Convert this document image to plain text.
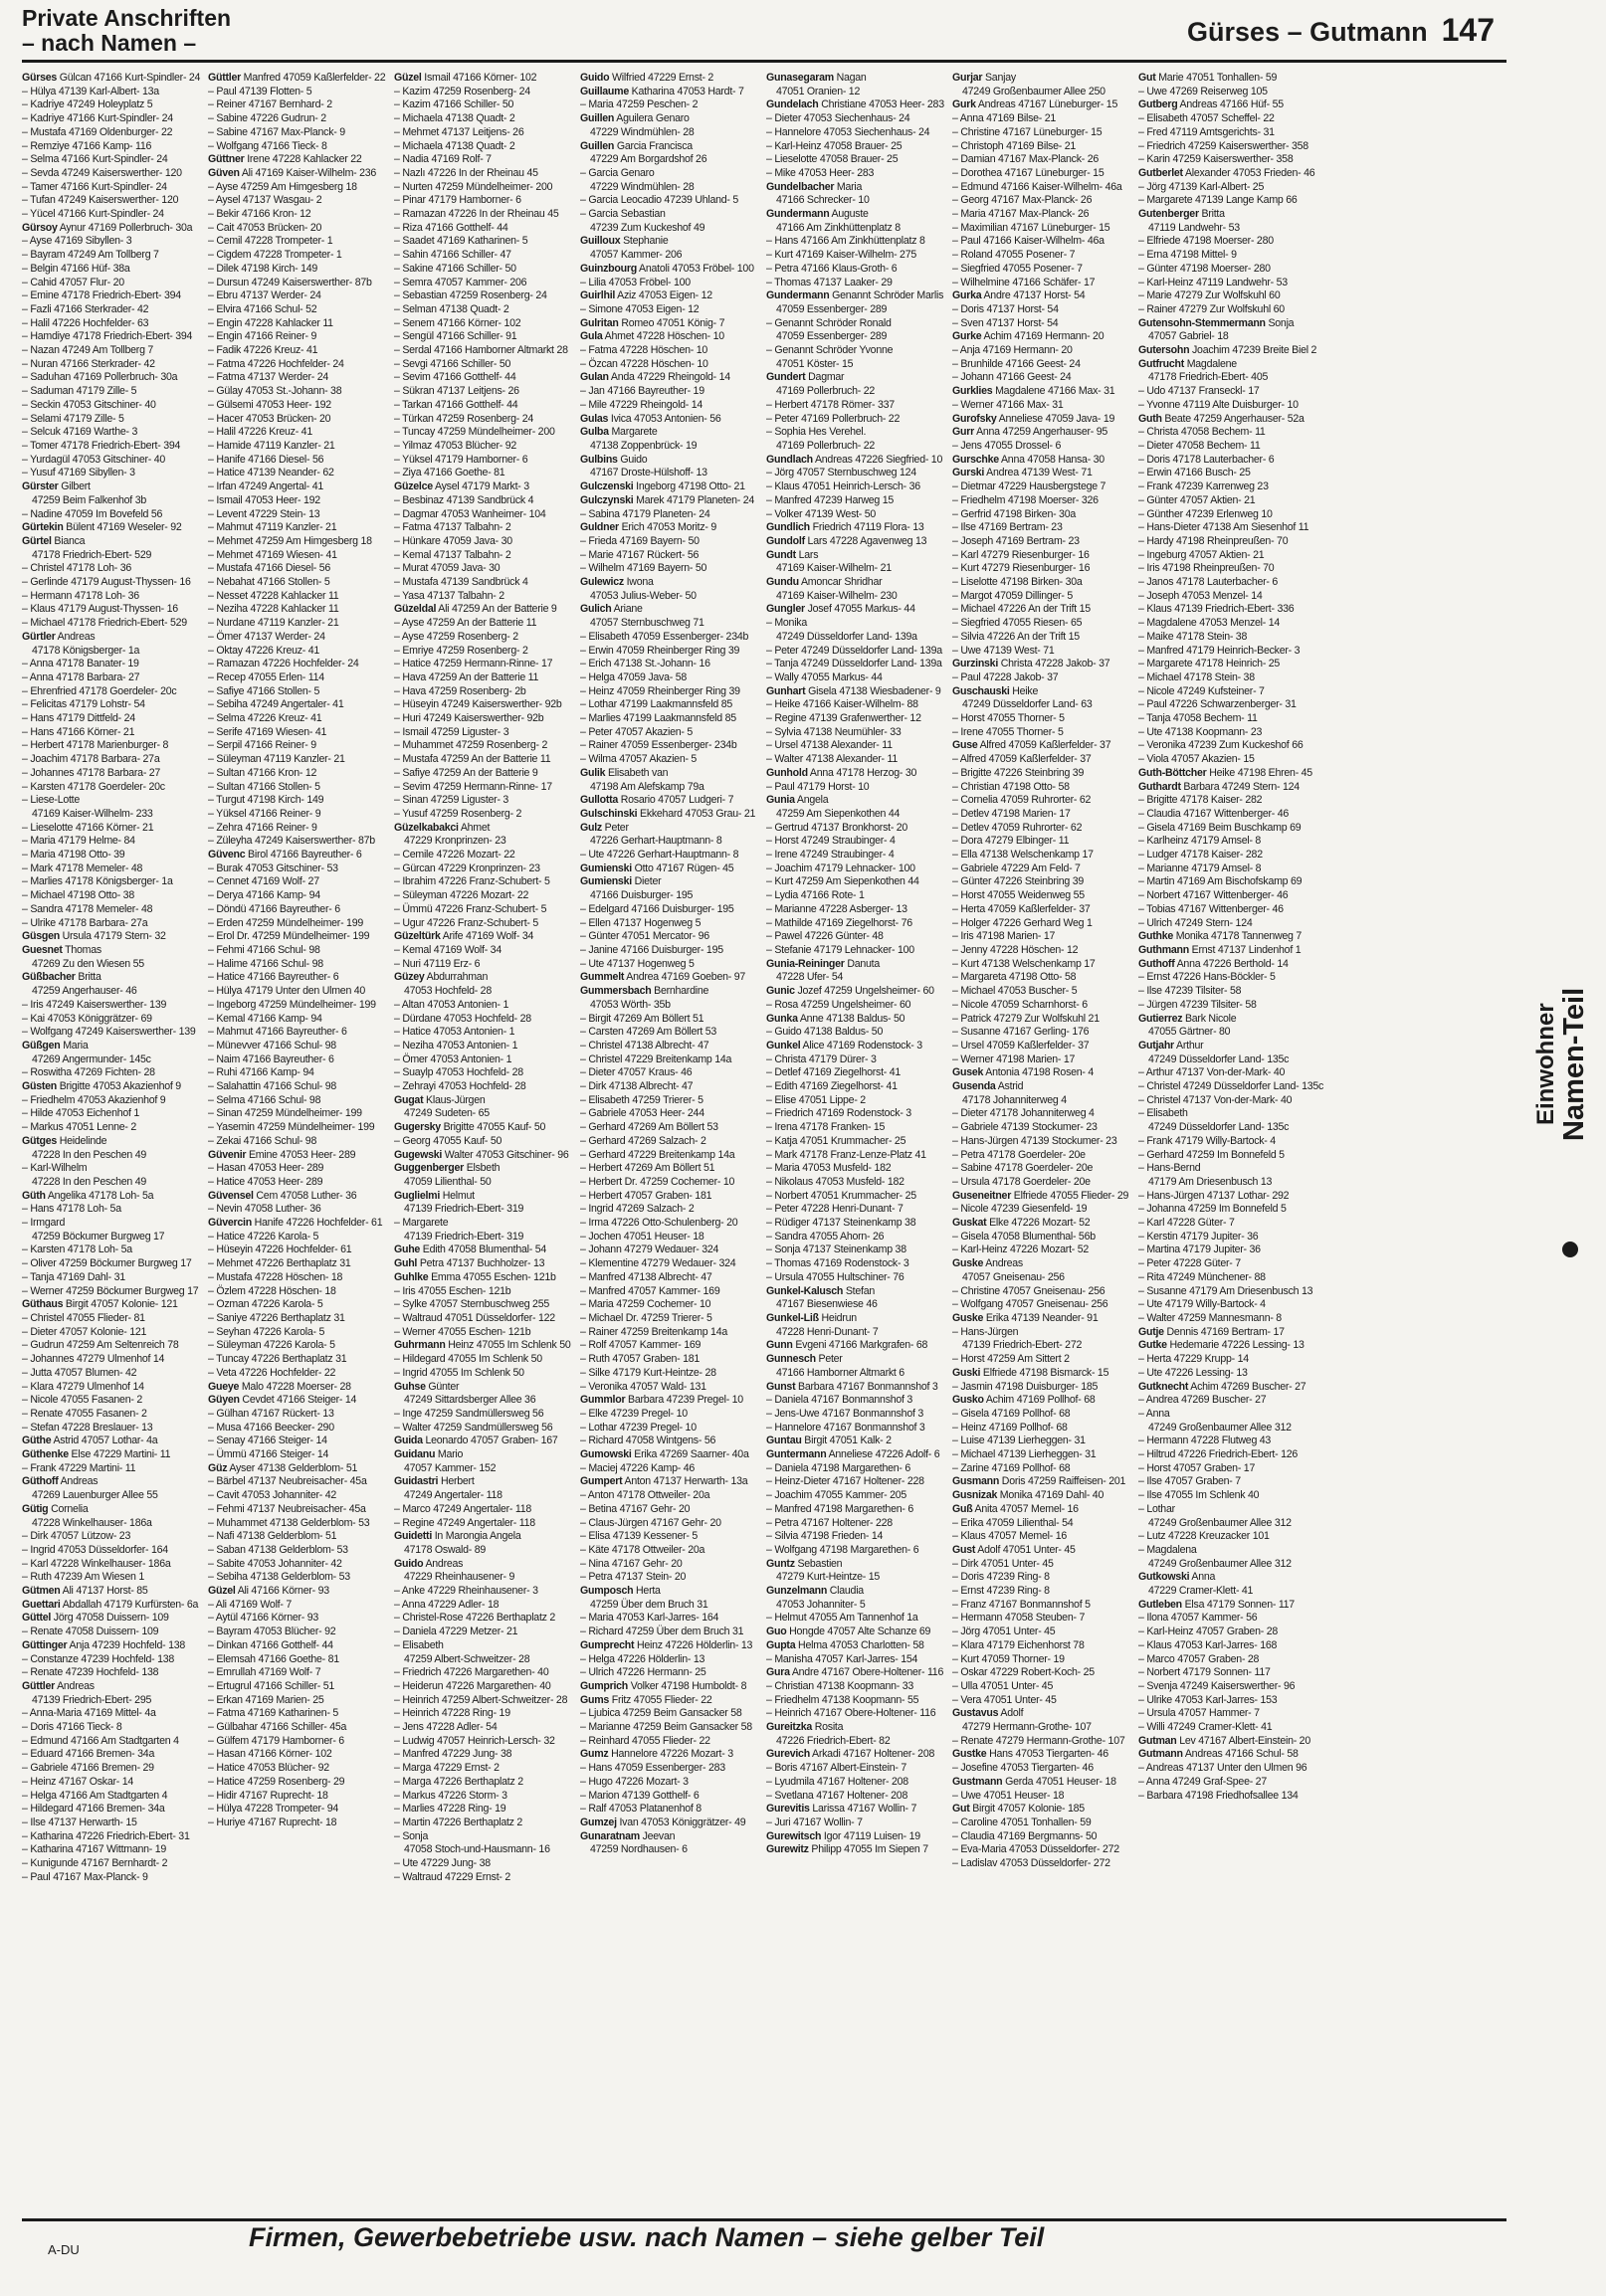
Private Anschriften
– nach Namen –	Gürses – Gutmann 147
Gürses Gülcan 47166 Kurt-Spindler- 24
– Hülya 47139 Karl-Albert- 13a
– Kadriye 47249 Holeyplatz 5
– Kadriye 47166 Kurt-Spindler- 24
– Mustafa 47169 Oldenburger- 22
– Remziye 47166 Kamp- 116
– Selma 47166 Kurt-Spindler- 24
– Sevda 47249 Kaiserswerther- 120
– Tamer 47166 Kurt-Spindler- 24
– Tufan 47249 Kaiserswerther- 120
– Yücel 47166 Kurt-Spindler- 24
Gürsoy Aynur 47169 Pollerbruch- 30a
– Ayse 47169 Sibyllen- 3
– Bayram 47249 Am Tollberg 7
– Belgin 47166 Hüf- 38a
– Cahid 47057 Flur- 20
– Emine 47178 Friedrich-Ebert- 394
– Fazli 47166 Sterkrader- 42
– Halil 47226 Hochfelder- 63
– Hamdiye 47178 Friedrich-Ebert- 394
– Nazan 47249 Am Tollberg 7
– Nuran 47166 Sterkrader- 42
– Saduhan 47169 Pollerbruch- 30a
– Saduman 47179 Zille- 5
– Seckin 47053 Gitschiner- 40
– Selami 47179 Zille- 5
– Selcuk 47169 Warthe- 3
– Tomer 47178 Friedrich-Ebert- 394
– Yurdagül 47053 Gitschiner- 40
– Yusuf 47169 Sibyllen- 3
Gürster Gilbert
47259 Beim Falkenhof 3b
– Nadine 47059 Im Bovefeld 56
Gürtekin Bülent 47169 Weseler- 92
Gürtel Bianca
47178 Friedrich-Ebert- 529
– Christel 47178 Loh- 36
– Gerlinde 47179 August-Thyssen- 16
– Hermann 47178 Loh- 36
– Klaus 47179 August-Thyssen- 16
– Michael 47178 Friedrich-Ebert- 529
Gürtler Andreas
47178 Königsberger- 1a
– Anna 47178 Banater- 19
– Anna 47178 Barbara- 27
– Ehrenfried 47178 Goerdeler- 20c
– Felicitas 47179 Lohstr- 54
– Hans 47179 Dittfeld- 24
– Hans 47166 Körner- 21
– Herbert 47178 Marienburger- 8
– Joachim 47178 Barbara- 27a
– Johannes 47178 Barbara- 27
– Karsten 47178 Goerdeler- 20c
– Liese-Lotte
47169 Kaiser-Wilhelm- 233
– Lieselotte 47166 Körner- 21
– Maria 47179 Helme- 84
– Maria 47198 Otto- 39
– Mark 47178 Memeler- 48
– Marlies 47178 Königsberger- 1a
– Michael 47198 Otto- 38
– Sandra 47178 Memeler- 48
– Ulrike 47178 Barbara- 27a
Güsgen Ursula 47179 Stern- 32
Guesnet Thomas
47269 Zu den Wiesen 55
Güßbacher Britta
47259 Angerhauser- 46
– Iris 47249 Kaiserswerther- 139
– Kai 47053 Königgrätzer- 69
– Wolfgang 47249 Kaiserswerther- 139
Güßgen Maria
47269 Angermunder- 145c
– Roswitha 47269 Fichten- 28
Güsten Brigitte 47053 Akazienhof 9
– Friedhelm 47053 Akazienhof 9
– Hilde 47053 Eichenhof 1
– Markus 47051 Lenne- 2
Gütges Heidelinde
47228 In den Peschen 49
– Karl-Wilhelm
47228 In den Peschen 49
Güth Angelika 47178 Loh- 5a
– Hans 47178 Loh- 5a
– Irmgard
47259 Böckumer Burgweg 17
– Karsten 47178 Loh- 5a
– Oliver 47259 Böckumer Burgweg 17
– Tanja 47169 Dahl- 31
– Werner 47259 Böckumer Burgweg 17
Güthaus Birgit 47057 Kolonie- 121
– Christel 47055 Flieder- 81
– Dieter 47057 Kolonie- 121
– Gudrun 47259 Am Seltenreich 78
– Johannes 47279 Ulmenhof 14
– Jutta 47057 Blumen- 42
– Klara 47279 Ulmenhof 14
– Nicole 47055 Fasanen- 2
– Renate 47055 Fasanen- 2
– Stefan 47228 Breslauer- 13
Güthe Astrid 47057 Lothar- 4a
Güthenke Else 47229 Martini- 11
– Frank 47229 Martini- 11
Güthoff Andreas
47269 Lauenburger Allee 55
Gütig Cornelia
47228 Winkelhauser- 186a
– Dirk 47057 Lützow- 23
– Ingrid 47053 Düsseldorfer- 164
– Karl 47228 Winkelhauser- 186a
– Ruth 47239 Am Wiesen 1
Gütmen Ali 47137 Horst- 85
Guettari Abdallah 47179 Kurfürsten- 6a
Güttel Jörg 47058 Duissern- 109
– Renate 47058 Duissern- 109
Güttinger Anja 47239 Hochfeld- 138
– Constanze 47239 Hochfeld- 138
– Renate 47239 Hochfeld- 138
Güttler Andreas
47139 Friedrich-Ebert- 295
– Anna-Maria 47169 Mittel- 4a
– Doris 47166 Tieck- 8
– Edmund 47166 Am Stadtgarten 4
– Eduard 47166 Bremen- 34a
– Gabriele 47166 Bremen- 29
– Heinz 47167 Oskar- 14
– Helga 47166 Am Stadtgarten 4
– Hildegard 47166 Bremen- 34a
– Ilse 47137 Herwarth- 15
– Katharina 47226 Friedrich-Ebert- 31
– Katharina 47167 Wittmann- 19
– Kunigunde 47167 Bernhardt- 2
– Paul 47167 Max-Planck- 9
Güttler Manfred 47059 Kaßlerfelder- 22
– Paul 47139 Flotten- 5
– Reiner 47167 Bernhard- 2
– Sabine 47226 Gudrun- 2
– Sabine 47167 Max-Planck- 9
– Wolfgang 47166 Tieck- 8
Güttner Irene 47228 Kahlacker 22
Güven Ali 47169 Kaiser-Wilhelm- 236
– Ayse 47259 Am Himgesberg 18
– Aysel 47137 Wasgau- 2
– Bekir 47166 Kron- 12
– Cait 47053 Brücken- 20
– Cemil 47228 Trompeter- 1
– Cigdem 47228 Trompeter- 1
– Dilek 47198 Kirch- 149
– Dursun 47249 Kaiserswerther- 87b
– Ebru 47137 Werder- 24
– Elvira 47166 Schul- 52
– Engin 47228 Kahlacker 11
– Engin 47166 Reiner- 9
– Fadik 47226 Kreuz- 41
– Fatma 47226 Hochfelder- 24
– Fatma 47137 Werder- 24
– Gülay 47053 St.-Johann- 38
– Gülsemi 47053 Heer- 192
– Hacer 47053 Brücken- 20
– Halil 47226 Kreuz- 41
– Hamide 47119 Kanzler- 21
– Hanife 47166 Diesel- 56
– Hatice 47139 Neander- 62
– Irfan 47249 Angertal- 41
– Ismail 47053 Heer- 192
– Levent 47229 Stein- 13
– Mahmut 47119 Kanzler- 21
– Mehmet 47259 Am Himgesberg 18
– Mehmet 47169 Wiesen- 41
– Mustafa 47166 Diesel- 56
– Nebahat 47166 Stollen- 5
– Nesset 47228 Kahlacker 11
– Neziha 47228 Kahlacker 11
– Nurdane 47119 Kanzler- 21
– Ömer 47137 Werder- 24
– Oktay 47226 Kreuz- 41
– Ramazan 47226 Hochfelder- 24
– Recep 47055 Erlen- 114
– Safiye 47166 Stollen- 5
– Sebiha 47249 Angertaler- 41
– Selma 47226 Kreuz- 41
– Serife 47169 Wiesen- 41
– Serpil 47166 Reiner- 9
– Süleyman 47119 Kanzler- 21
– Sultan 47166 Kron- 12
– Sultan 47166 Stollen- 5
– Turgut 47198 Kirch- 149
– Yüksel 47166 Reiner- 9
– Zehra 47166 Reiner- 9
– Züleyha 47249 Kaiserswerther- 87b
Güvenc Birol 47166 Bayreuther- 6
– Burak 47053 Gitschiner- 53
– Cennet 47169 Wolf- 27
– Derya 47166 Kamp- 94
– Döndü 47166 Bayreuther- 6
– Erden 47259 Mündelheimer- 199
– Erol Dr. 47259 Mündelheimer- 199
– Fehmi 47166 Schul- 98
– Halime 47166 Schul- 98
– Hatice 47166 Bayreuther- 6
– Hülya 47179 Unter den Ulmen 40
– Ingeborg 47259 Mündelheimer- 199
– Kemal 47166 Kamp- 94
– Mahmut 47166 Bayreuther- 6
– Münevver 47166 Schul- 98
– Naim 47166 Bayreuther- 6
– Ruhi 47166 Kamp- 94
– Salahattin 47166 Schul- 98
– Selma 47166 Schul- 98
– Sinan 47259 Mündelheimer- 199
– Yasemin 47259 Mündelheimer- 199
– Zekai 47166 Schul- 98
Güvenir Emine 47053 Heer- 289
– Hasan 47053 Heer- 289
– Hatice 47053 Heer- 289
Güvensel Cem 47058 Luther- 36
– Nevin 47058 Luther- 36
Güvercin Hanife 47226 Hochfelder- 61
– Hatice 47226 Karola- 5
– Hüseyin 47226 Hochfelder- 61
– Mehmet 47226 Berthaplatz 31
– Mustafa 47228 Höschen- 18
– Özlem 47228 Höschen- 18
– Ozman 47226 Karola- 5
– Saniye 47226 Berthaplatz 31
– Seyhan 47226 Karola- 5
– Süleyman 47226 Karola- 5
– Tuncay 47226 Berthaplatz 31
– Veta 47226 Hochfelder- 22
Gueye Malo 47228 Moerser- 28
Güyen Cevdet 47166 Steiger- 14
– Gülhan 47167 Rückert- 13
– Musa 47166 Beecker- 290
– Senay 47166 Steiger- 14
– Ümmü 47166 Steiger- 14
Güz Ayser 47138 Gelderblom- 51
– Bärbel 47137 Neubreisacher- 45a
– Cavit 47053 Johanniter- 42
– Fehmi 47137 Neubreisacher- 45a
– Muhammet 47138 Gelderblom- 53
– Nafi 47138 Gelderblom- 51
– Saban 47138 Gelderblom- 53
– Sabite 47053 Johanniter- 42
– Sebiha 47138 Gelderblom- 53
Güzel Ali 47166 Körner- 93
– Ali 47169 Wolf- 7
– Aytül 47166 Körner- 93
– Bayram 47053 Blücher- 92
– Dinkan 47166 Gotthelf- 44
– Elemsah 47166 Goethe- 81
– Emrullah 47169 Wolf- 7
– Ertugrul 47166 Schiller- 51
– Erkan 47169 Marien- 25
– Fatma 47169 Katharinen- 5
– Gülbahar 47166 Schiller- 45a
– Gülfem 47179 Hamborner- 6
– Hasan 47166 Körner- 102
– Hatice 47053 Blücher- 92
– Hatice 47259 Rosenberg- 29
– Hidir 47167 Ruprecht- 18
– Hülya 47228 Trompeter- 94
– Huriye 47167 Ruprecht- 18
Güzel Ismail 47166 Körner- 102
– Kazim 47259 Rosenberg- 24
– Kazim 47166 Schiller- 50
– Michaela 47138 Quadt- 2
– Mehmet 47137 Leitjens- 26
– Michaela 47138 Quadt- 2
– Nadia 47169 Rolf- 7
– Nazlı 47226 In der Rheinau 45
– Nurten 47259 Mündelheimer- 200
– Pinar 47179 Hamborner- 6
– Ramazan 47226 In der Rheinau 45
– Riza 47166 Gotthelf- 44
– Saadet 47169 Katharinen- 5
– Sahin 47166 Schiller- 47
– Sakine 47166 Schiller- 50
– Semra 47057 Kammer- 206
– Sebastian 47259 Rosenberg- 24
– Selman 47138 Quadt- 2
– Senem 47166 Körner- 102
– Sengül 47166 Schiller- 91
– Serdal 47166 Hamborner Altmarkt 28
– Sevgi 47166 Schiller- 50
– Sevim 47166 Gotthelf- 44
– Sükran 47137 Leitjens- 26
– Tarkan 47166 Gotthelf- 44
– Türkan 47259 Rosenberg- 24
– Tuncay 47259 Mündelheimer- 200
– Yilmaz 47053 Blücher- 92
– Yüksel 47179 Hamborner- 6
– Ziya 47166 Goethe- 81
Güzelce Aysel 47179 Markt- 3
– Besbinaz 47139 Sandbrück 4
– Dagmar 47053 Wanheimer- 104
– Fatma 47137 Talbahn- 2
– Hünkare 47059 Java- 30
– Kemal 47137 Talbahn- 2
– Murat 47059 Java- 30
– Mustafa 47139 Sandbrück 4
– Yasa 47137 Talbahn- 2
Güzeldal Ali 47259 An der Batterie 9
– Ayse 47259 An der Batterie 11
– Ayse 47259 Rosenberg- 2
– Emriye 47259 Rosenberg- 2
– Hatice 47259 Hermann-Rinne- 17
– Hava 47259 An der Batterie 11
– Hava 47259 Rosenberg- 2b
– Hüseyin 47249 Kaiserswerther- 92b
– Huri 47249 Kaiserswerther- 92b
– Ismail 47259 Liguster- 3
– Muhammet 47259 Rosenberg- 2
– Mustafa 47259 An der Batterie 11
– Safiye 47259 An der Batterie 9
– Sevim 47259 Hermann-Rinne- 17
– Sinan 47259 Liguster- 3
– Yusuf 47259 Rosenberg- 2
Güzelkabakci Ahmet
47229 Kronprinzen- 23
– Cemile 47226 Mozart- 22
– Gürcan 47229 Kronprinzen- 23
– Ibrahim 47226 Franz-Schubert- 5
– Süleyman 47226 Mozart- 22
– Ümmü 47226 Franz-Schubert- 5
– Ugur 47226 Franz-Schubert- 5
Güzeltürk Arife 47169 Wolf- 34
– Kemal 47169 Wolf- 34
– Nuri 47119 Erz- 6
Güzey Abdurrahman
47053 Hochfeld- 28
– Altan 47053 Antonien- 1
– Dürdane 47053 Hochfeld- 28
– Hatice 47053 Antonien- 1
– Neziha 47053 Antonien- 1
– Ömer 47053 Antonien- 1
– Suaylp 47053 Hochfeld- 28
– Zehrayi 47053 Hochfeld- 28
Gugat Klaus-Jürgen
47249 Sudeten- 65
Gugersky Brigitte 47055 Kauf- 50
– Georg 47055 Kauf- 50
Gugewski Walter 47053 Gitschiner- 96
Guggenberger Elsbeth
47059 Lilienthal- 50
Guglielmi Helmut
47139 Friedrich-Ebert- 319
– Margarete
47139 Friedrich-Ebert- 319
Guhe Edith 47058 Blumenthal- 54
Guhl Petra 47137 Buchholzer- 13
Guhlke Emma 47055 Eschen- 121b
– Iris 47055 Eschen- 121b
– Sylke 47057 Sternbuschweg 255
– Waltraud 47051 Düsseldorfer- 122
– Werner 47055 Eschen- 121b
Guhrmann Heinz 47055 Im Schlenk 50
– Hildegard 47055 Im Schlenk 50
– Ingrid 47055 Im Schlenk 50
Guhse Günter
47249 Sittardsberger Allee 36
– Inge 47259 Sandmüllersweg 56
– Walter 47259 Sandmüllersweg 56
Guida Leonardo 47057 Graben- 167
Guidanu Mario
47057 Kammer- 152
Guidastri Herbert
47249 Angertaler- 118
– Marco 47249 Angertaler- 118
– Regine 47249 Angertaler- 118
Guidetti In Marongia Angela
47178 Oswald- 89
Guido Andreas
47229 Rheinhausener- 9
– Anke 47229 Rheinhausener- 3
– Anna 47229 Adler- 18
– Christel-Rose 47226 Berthaplatz 2
– Daniela 47229 Metzer- 21
– Elisabeth
47259 Albert-Schweitzer- 28
– Friedrich 47226 Margarethen- 40
– Heiderun 47226 Margarethen- 40
– Heinrich 47259 Albert-Schweitzer- 28
– Heinrich 47228 Ring- 19
– Jens 47228 Adler- 54
– Ludwig 47057 Heinrich-Lersch- 32
– Manfred 47229 Jung- 38
– Marga 47229 Ernst- 2
– Marga 47226 Berthaplatz 2
– Markus 47226 Storm- 3
– Marlies 47228 Ring- 19
– Martin 47226 Berthaplatz 2
– Sonja
47058 Stoch-und-Hausmann- 16
– Ute 47229 Jung- 38
– Waltraud 47229 Ernst- 2
Guido Wilfried 47229 Ernst- 2
Guillaume Katharina 47053 Hardt- 7
– Maria 47259 Peschen- 2
Guillen Aguilera Genaro
47229 Windmühlen- 28
Guillen Garcia Francisca
47229 Am Borgardshof 26
– Garcia Genaro
47229 Windmühlen- 28
– Garcia Leocadio 47239 Uhland- 5
– Garcia Sebastian
47239 Zum Kuckeshof 49
Guilloux Stephanie
47057 Kammer- 206
Guinzbourg Anatoli 47053 Fröbel- 100
– Lilia 47053 Fröbel- 100
Guirlhil Aziz 47053 Eigen- 12
– Simone 47053 Eigen- 12
Gulritan Romeo 47051 König- 7
Gula Ahmet 47228 Höschen- 10
– Fatma 47228 Höschen- 10
– Özcan 47228 Höschen- 10
Gulan Anda 47229 Rheingold- 14
– Jan 47166 Bayreuther- 19
– Mile 47229 Rheingold- 14
Gulas Ivica 47053 Antonien- 56
Gulba Margarete
47138 Zoppenbrück- 19
Gulbins Guido
47167 Droste-Hülshoff- 13
Gulczenski Ingeborg 47198 Otto- 21
Gulczynski Marek 47179 Planeten- 24
– Sabina 47179 Planeten- 24
Guldner Erich 47053 Moritz- 9
– Frieda 47169 Bayern- 50
– Marie 47167 Rückert- 56
– Wilhelm 47169 Bayern- 50
Gulewicz Iwona
47053 Julius-Weber- 50
Gulich Ariane
47057 Sternbuschweg 71
– Elisabeth 47059 Essenberger- 234b
– Erwin 47059 Rheinberger Ring 39
– Erich 47138 St.-Johann- 16
– Helga 47059 Java- 58
– Heinz 47059 Rheinberger Ring 39
– Lothar 47199 Laakmannsfeld 85
– Marlies 47199 Laakmannsfeld 85
– Peter 47057 Akazien- 5
– Rainer 47059 Essenberger- 234b
– Wilma 47057 Akazien- 5
Gulik Elisabeth van
47198 Am Alefskamp 79a
Gullotta Rosario 47057 Ludgeri- 7
Gulschinski Ekkehard 47053 Grau- 21
Gulz Peter
47226 Gerhart-Hauptmann- 8
– Ute 47226 Gerhart-Hauptmann- 8
Gumienski Otto 47167 Rügen- 45
Gumienski Dieter
47166 Duisburger- 195
– Edelgard 47166 Duisburger- 195
– Ellen 47137 Hogenweg 5
– Günter 47051 Mercator- 96
– Janine 47166 Duisburger- 195
– Ute 47137 Hogenweg 5
Gummelt Andrea 47169 Goeben- 97
Gummersbach Bernhardine
47053 Wörth- 35b
– Birgit 47269 Am Böllert 51
– Carsten 47269 Am Böllert 53
– Christel 47138 Albrecht- 47
– Christel 47229 Breitenkamp 14a
– Dieter 47057 Kraus- 46
– Dirk 47138 Albrecht- 47
– Elisabeth 47259 Trierer- 5
– Gabriele 47053 Heer- 244
– Gerhard 47269 Am Böllert 53
– Gerhard 47269 Salzach- 2
– Gerhard 47229 Breitenkamp 14a
– Herbert 47269 Am Böllert 51
– Herbert Dr. 47259 Cochemer- 10
– Herbert 47057 Graben- 181
– Ingrid 47269 Salzach- 2
– Irma 47226 Otto-Schulenberg- 20
– Jochen 47051 Heuser- 18
– Johann 47279 Wedauer- 324
– Klementine 47279 Wedauer- 324
– Manfred 47138 Albrecht- 47
– Manfred 47057 Kammer- 169
– Maria 47259 Cochemer- 10
– Michael Dr. 47259 Trierer- 5
– Rainer 47259 Breitenkamp 14a
– Rolf 47057 Kammer- 169
– Ruth 47057 Graben- 181
– Silke 47179 Kurt-Heintze- 28
– Veronika 47057 Wald- 131
Gummlor Barbara 47239 Pregel- 10
– Elke 47239 Pregel- 10
– Lothar 47239 Pregel- 10
– Richard 47058 Wintgens- 56
Gumowski Erika 47269 Saarner- 40a
– Maciej 47226 Kamp- 46
Gumpert Anton 47137 Herwarth- 13a
– Anton 47178 Ottweiler- 20a
– Betina 47167 Gehr- 20
– Claus-Jürgen 47167 Gehr- 20
– Elisa 47139 Kessener- 5
– Käte 47178 Ottweiler- 20a
– Nina 47167 Gehr- 20
– Petra 47137 Stein- 20
Gumposch Herta
47259 Über dem Bruch 31
– Maria 47053 Karl-Jarres- 164
– Richard 47259 Über dem Bruch 31
Gumprecht Heinz 47226 Hölderlin- 13
– Helga 47226 Hölderlin- 13
– Ulrich 47226 Hermann- 25
Gumprich Volker 47198 Humboldt- 8
Gums Fritz 47055 Flieder- 22
– Ljubica 47259 Beim Gansacker 58
– Marianne 47259 Beim Gansacker 58
– Reinhard 47055 Flieder- 22
Gumz Hannelore 47226 Mozart- 3
– Hans 47059 Essenberger- 283
– Hugo 47226 Mozart- 3
– Marion 47139 Gotthelf- 6
– Ralf 47053 Platanenhof 8
Gumzej Ivan 47053 Königgrätzer- 49
Gunaratnam Jeevan
47259 Nordhausen- 6
Gunasegaram Nagan
47051 Oranien- 12
Gundelach Christiane 47053 Heer- 283
– Dieter 47053 Siechenhaus- 24
– Hannelore 47053 Siechenhaus- 24
– Karl-Heinz 47058 Brauer- 25
– Lieselotte 47058 Brauer- 25
– Mike 47053 Heer- 283
Gundelbacher Maria
47166 Schrecker- 10
Gundermann Auguste
47166 Am Zinkhüttenplatz 8
– Hans 47166 Am Zinkhüttenplatz 8
– Kurt 47169 Kaiser-Wilhelm- 275
– Petra 47166 Klaus-Groth- 6
– Thomas 47137 Laaker- 29
Gundermann Genannt Schröder Marlis
47059 Essenberger- 289
– Genannt Schröder Ronald
47059 Essenberger- 289
– Genannt Schröder Yvonne
47051 Köster- 15
Gundert Dagmar
47169 Pollerbruch- 22
– Herbert 47178 Römer- 337
– Peter 47169 Pollerbruch- 22
– Sophia Hes Verehel.
47169 Pollerbruch- 22
Gundlach Andreas 47226 Siegfried- 10
– Jörg 47057 Sternbuschweg 124
– Klaus 47051 Heinrich-Lersch- 36
– Manfred 47239 Harweg 15
– Volker 47139 West- 50
Gundlich Friedrich 47119 Flora- 13
Gundolf Lars 47228 Agavenweg 13
Gundt Lars
47169 Kaiser-Wilhelm- 21
Gundu Amoncar Shridhar
47169 Kaiser-Wilhelm- 230
Gungler Josef 47055 Markus- 44
– Monika
47249 Düsseldorfer Land- 139a
– Peter 47249 Düsseldorfer Land- 139a
– Tanja 47249 Düsseldorfer Land- 139a
– Wally 47055 Markus- 44
Gunhart Gisela 47138 Wiesbadener- 9
– Heike 47166 Kaiser-Wilhelm- 88
– Regine 47139 Grafenwerther- 12
– Sylvia 47138 Neumühler- 33
– Ursel 47138 Alexander- 11
– Walter 47138 Alexander- 11
Gunhold Anna 47178 Herzog- 30
– Paul 47179 Horst- 10
Gunia Angela
47259 Am Siepenkothen 44
– Gertrud 47137 Bronkhorst- 20
– Horst 47249 Straubinger- 4
– Irene 47249 Straubinger- 4
– Joachim 47179 Lehnacker- 100
– Kurt 47259 Am Siepenkothen 44
– Lydia 47166 Rote- 1
– Marianne 47228 Asberger- 13
– Mathilde 47169 Ziegelhorst- 76
– Pawel 47226 Günter- 48
– Stefanie 47179 Lehnacker- 100
Gunia-Reininger Danuta
47228 Ufer- 54
Gunic Jozef 47259 Ungelsheimer- 60
– Rosa 47259 Ungelsheimer- 60
Gunka Anne 47138 Baldus- 50
– Guido 47138 Baldus- 50
Gunkel Alice 47169 Rodenstock- 3
– Christa 47179 Dürer- 3
– Detlef 47169 Ziegelhorst- 41
– Edith 47169 Ziegelhorst- 41
– Elise 47051 Lippe- 2
– Friedrich 47169 Rodenstock- 3
– Irena 47178 Franken- 15
– Katja 47051 Krummacher- 25
– Mark 47178 Franz-Lenze-Platz 41
– Maria 47053 Musfeld- 182
– Nikolaus 47053 Musfeld- 182
– Norbert 47051 Krummacher- 25
– Peter 47228 Henri-Dunant- 7
– Rüdiger 47137 Steinenkamp 38
– Sandra 47055 Ahorn- 26
– Sonja 47137 Steinenkamp 38
– Thomas 47169 Rodenstock- 3
– Ursula 47055 Hultschiner- 76
Gunkel-Kalusch Stefan
47167 Biesenwiese 46
Gunkel-Liß Heidrun
47228 Henri-Dunant- 7
Gunn Evgeni 47166 Markgrafen- 68
Gunnesch Peter
47166 Hamborner Altmarkt 6
Gunst Barbara 47167 Bonmannshof 3
– Daniela 47167 Bonmannshof 3
– Jens-Uwe 47167 Bonmannshof 3
– Hannelore 47167 Bonmannshof 3
Guntau Birgit 47051 Kalk- 2
Guntermann Anneliese 47226 Adolf- 6
– Daniela 47198 Margarethen- 6
– Heinz-Dieter 47167 Holtener- 228
– Joachim 47055 Kammer- 205
– Manfred 47198 Margarethen- 6
– Petra 47167 Holtener- 228
– Silvia 47198 Frieden- 14
– Wolfgang 47198 Margarethen- 6
Guntz Sebastien
47279 Kurt-Heintze- 15
Gunzelmann Claudia
47053 Johanniter- 5
– Helmut 47055 Am Tannenhof 1a
Guo Hongde 47057 Alte Schanze 69
Gupta Helma 47053 Charlotten- 58
– Manisha 47057 Karl-Jarres- 154
Gura Andre 47167 Obere-Holtener- 116
– Christian 47138 Koopmann- 33
– Friedhelm 47138 Koopmann- 55
– Heinrich 47167 Obere-Holtener- 116
Gureitzka Rosita
47226 Friedrich-Ebert- 82
Gurevich Arkadi 47167 Holtener- 208
– Boris 47167 Albert-Einstein- 7
– Lyudmila 47167 Holtener- 208
– Svetlana 47167 Holtener- 208
Gurevitis Larissa 47167 Wollin- 7
– Juri 47167 Wollin- 7
Gurewitsch Igor 47119 Luisen- 19
Gurewitz Philipp 47055 Im Siepen 7
Gurjar Sanjay
47249 Großenbaumer Allee 250
Gurk Andreas 47167 Lüneburger- 15
– Anna 47169 Bilse- 21
– Christine 47167 Lüneburger- 15
– Christoph 47169 Bilse- 21
– Damian 47167 Max-Planck- 26
– Dorothea 47167 Lüneburger- 15
– Edmund 47166 Kaiser-Wilhelm- 46a
– Georg 47167 Max-Planck- 26
– Maria 47167 Max-Planck- 26
– Maximilian 47167 Lüneburger- 15
– Paul 47166 Kaiser-Wilhelm- 46a
– Roland 47055 Posener- 7
– Siegfried 47055 Posener- 7
– Wilhelmine 47166 Schäfer- 17
Gurka Andre 47137 Horst- 54
– Doris 47137 Horst- 54
– Sven 47137 Horst- 54
Gurke Achim 47169 Hermann- 20
– Anja 47169 Hermann- 20
– Brunhilde 47166 Geest- 24
– Johann 47166 Geest- 24
Gurklies Magdalene 47166 Max- 31
– Werner 47166 Max- 31
Gurofsky Anneliese 47059 Java- 19
Gurr Anna 47259 Angerhauser- 95
– Jens 47055 Drossel- 6
Gurschke Anna 47058 Hansa- 30
Gurski Andrea 47139 West- 71
– Dietmar 47229 Hausbergstege 7
– Friedhelm 47198 Moerser- 326
– Gerfrid 47198 Birken- 30a
– Ilse 47169 Bertram- 23
– Joseph 47169 Bertram- 23
– Karl 47279 Riesenburger- 16
– Kurt 47279 Riesenburger- 16
– Liselotte 47198 Birken- 30a
– Margot 47059 Dillinger- 5
– Michael 47226 An der Trift 15
– Siegfried 47055 Riesen- 65
– Silvia 47226 An der Trift 15
– Uwe 47139 West- 71
Gurzinski Christa 47228 Jakob- 37
– Paul 47228 Jakob- 37
Guschauski Heike
47249 Düsseldorfer Land- 63
– Horst 47055 Thorner- 5
– Irene 47055 Thorner- 5
Guse Alfred 47059 Kaßlerfelder- 37
– Alfred 47059 Kaßlerfelder- 37
– Brigitte 47226 Steinbring 39
– Christian 47198 Otto- 58
– Cornelia 47059 Ruhrorter- 62
– Detlev 47198 Marien- 17
– Detlev 47059 Ruhrorter- 62
– Dora 47279 Elbinger- 11
– Ella 47138 Welschenkamp 17
– Gabriele 47229 Am Feld- 7
– Günter 47226 Steinbring 39
– Horst 47055 Weidenweg 55
– Herta 47059 Kaßlerfelder- 37
– Holger 47226 Gerhard Weg 1
– Iris 47198 Marien- 17
– Jenny 47228 Höschen- 12
– Kurt 47138 Welschenkamp 17
– Margareta 47198 Otto- 58
– Michael 47053 Buscher- 5
– Nicole 47059 Scharnhorst- 6
– Patrick 47279 Zur Wolfskuhl 21
– Susanne 47167 Gerling- 176
– Ursel 47059 Kaßlerfelder- 37
– Werner 47198 Marien- 17
Gusek Antonia 47198 Rosen- 4
Gusenda Astrid
47178 Johanniterweg 4
– Dieter 47178 Johanniterweg 4
– Gabriele 47139 Stockumer- 23
– Hans-Jürgen 47139 Stockumer- 23
– Petra 47178 Goerdeler- 20e
– Sabine 47178 Goerdeler- 20e
– Ursula 47178 Goerdeler- 20e
Guseneitner Elfriede 47055 Flieder- 29
– Nicole 47239 Giesenfeld- 19
Guskat Elke 47226 Mozart- 52
– Gisela 47058 Blumenthal- 56b
– Karl-Heinz 47226 Mozart- 52
Guske Andreas
47057 Gneisenau- 256
– Christine 47057 Gneisenau- 256
– Wolfgang 47057 Gneisenau- 256
Guske Erika 47139 Neander- 91
– Hans-Jürgen
47139 Friedrich-Ebert- 272
– Horst 47259 Am Sittert 2
Guski Elfriede 47198 Bismarck- 15
– Jasmin 47198 Duisburger- 185
Gusko Achim 47169 Pollhof- 68
– Gisela 47169 Pollhof- 68
– Heinz 47169 Pollhof- 68
– Luise 47139 Lierheggen- 31
– Michael 47139 Lierheggen- 31
– Zarine 47169 Pollhof- 68
Gusmann Doris 47259 Raiffeisen- 201
Gusnizak Monika 47169 Dahl- 40
Guß Anita 47057 Memel- 16
– Erika 47059 Lilienthal- 54
– Klaus 47057 Memel- 16
Gust Adolf 47051 Unter- 45
– Dirk 47051 Unter- 45
– Doris 47239 Ring- 8
– Ernst 47239 Ring- 8
– Franz 47167 Bonmannshof 5
– Hermann 47058 Steuben- 7
– Jörg 47051 Unter- 45
– Klara 47179 Eichenhorst 78
– Kurt 47059 Thorner- 19
– Oskar 47229 Robert-Koch- 25
– Ulla 47051 Unter- 45
– Vera 47051 Unter- 45
Gustavus Adolf
47279 Hermann-Grothe- 107
– Renate 47279 Hermann-Grothe- 107
Gustke Hans 47053 Tiergarten- 46
– Josefine 47053 Tiergarten- 46
Gustmann Gerda 47051 Heuser- 18
– Uwe 47051 Heuser- 18
Gut Birgit 47057 Kolonie- 185
– Caroline 47051 Tonhallen- 59
– Claudia 47169 Bergmanns- 50
– Eva-Maria 47053 Düsseldorfer- 272
– Ladislav 47053 Düsseldorfer- 272
Gut Marie 47051 Tonhallen- 59
– Uwe 47269 Reiserweg 105
Gutberg Andreas 47166 Hüf- 55
– Elisabeth 47057 Scheffel- 22
– Fred 47119 Amtsgerichts- 31
– Friedrich 47259 Kaiserswerther- 358
– Karin 47259 Kaiserswerther- 358
Gutberlet Alexander 47053 Frieden- 46
– Jörg 47139 Karl-Albert- 25
– Margarete 47139 Lange Kamp 66
Gutenberger Britta
47119 Landwehr- 53
– Elfriede 47198 Moerser- 280
– Erna 47198 Mittel- 9
– Günter 47198 Moerser- 280
– Karl-Heinz 47119 Landwehr- 53
– Marie 47279 Zur Wolfskuhl 60
– Rainer 47279 Zur Wolfskuhl 60
Gutensohn-Stemmermann Sonja
47057 Gabriel- 18
Gutersohn Joachim 47239 Breite Biel 2
Gutfrucht Magdalene
47178 Friedrich-Ebert- 405
– Udo 47137 Franseckl- 17
– Yvonne 47119 Alte Duisburger- 10
Guth Beate 47259 Angerhauser- 52a
– Christa 47058 Bechem- 11
– Dieter 47058 Bechem- 11
– Doris 47178 Lauterbacher- 6
– Erwin 47166 Busch- 25
– Frank 47239 Karrenweg 23
– Günter 47057 Aktien- 21
– Günther 47239 Erlenweg 10
– Hans-Dieter 47138 Am Siesenhof 11
– Hardy 47198 Rheinpreußen- 70
– Ingeburg 47057 Aktien- 21
– Iris 47198 Rheinpreußen- 70
– Janos 47178 Lauterbacher- 6
– Joseph 47053 Menzel- 14
– Klaus 47139 Friedrich-Ebert- 336
– Magdalene 47053 Menzel- 14
– Maike 47178 Stein- 38
– Manfred 47179 Heinrich-Becker- 3
– Margarete 47178 Heinrich- 25
– Michael 47178 Stein- 38
– Nicole 47249 Kufsteiner- 7
– Paul 47226 Schwarzenberger- 31
– Tanja 47058 Bechem- 11
– Ute 47138 Koopmann- 23
– Veronika 47239 Zum Kuckeshof 66
– Viola 47057 Akazien- 15
Guth-Böttcher Heike 47198 Ehren- 45
Guthardt Barbara 47249 Stern- 124
– Brigitte 47178 Kaiser- 282
– Claudia 47167 Wittenberger- 46
– Gisela 47169 Beim Buschkamp 69
– Karlheinz 47179 Amsel- 8
– Ludger 47178 Kaiser- 282
– Marianne 47179 Amsel- 8
– Martin 47169 Am Bischofskamp 69
– Norbert 47167 Wittenberger- 46
– Tobias 47167 Wittenberger- 46
– Ulrich 47249 Stern- 124
Guthke Monika 47178 Tannenweg 7
Guthmann Ernst 47137 Lindenhof 1
Guthoff Anna 47226 Berthold- 14
– Ernst 47226 Hans-Böckler- 5
– Ilse 47239 Tilsiter- 58
– Jürgen 47239 Tilsiter- 58
Gutierrez Bark Nicole
47055 Gärtner- 80
Gutjahr Arthur
47249 Düsseldorfer Land- 135c
– Arthur 47137 Von-der-Mark- 40
– Christel 47249 Düsseldorfer Land- 135c
– Christel 47137 Von-der-Mark- 40
– Elisabeth
47249 Düsseldorfer Land- 135c
– Frank 47179 Willy-Bartock- 4
– Gerhard 47259 Im Bonnefeld 5
– Hans-Bernd
47179 Am Driesenbusch 13
– Hans-Jürgen 47137 Lothar- 292
– Johanna 47259 Im Bonnefeld 5
– Karl 47228 Güter- 7
– Kerstin 47179 Jupiter- 36
– Martina 47179 Jupiter- 36
– Peter 47228 Güter- 7
– Rita 47249 Münchener- 88
– Susanne 47179 Am Driesenbusch 13
– Ute 47179 Willy-Bartock- 4
– Walter 47259 Mannesmann- 8
Gutje Dennis 47169 Bertram- 17
Gutke Hedemarie 47226 Lessing- 13
– Herta 47229 Krupp- 14
– Ute 47226 Lessing- 13
Gutknecht Achim 47269 Buscher- 27
– Andrea 47269 Buscher- 27
– Anna
47249 Großenbaumer Allee 312
– Hermann 47228 Flutweg 43
– Hiltrud 47226 Friedrich-Ebert- 126
– Horst 47057 Graben- 17
– Ilse 47057 Graben- 7
– Ilse 47055 Im Schlenk 40
– Lothar
47249 Großenbaumer Allee 312
– Lutz 47228 Kreuzacker 101
– Magdalena
47249 Großenbaumer Allee 312
Gutkowski Anna
47229 Cramer-Klett- 41
Gutleben Elsa 47179 Sonnen- 117
– Ilona 47057 Kammer- 56
– Karl-Heinz 47057 Graben- 28
– Klaus 47053 Karl-Jarres- 168
– Marco 47057 Graben- 28
– Norbert 47179 Sonnen- 117
– Svenja 47249 Kaiserswerther- 96
– Ulrike 47053 Karl-Jarres- 153
– Ursula 47057 Hammer- 7
– Willi 47249 Cramer-Klett- 41
Gutman Lev 47167 Albert-Einstein- 20
Gutmann Andreas 47166 Schul- 58
– Andreas 47137 Unter den Ulmen 96
– Anna 47249 Graf-Spee- 27
– Barbara 47198 Friedhofsallee 134
Einwohner Namen-Teil
A-DU	Firmen, Gewerbebetriebe usw. nach Namen – siehe gelber Teil
